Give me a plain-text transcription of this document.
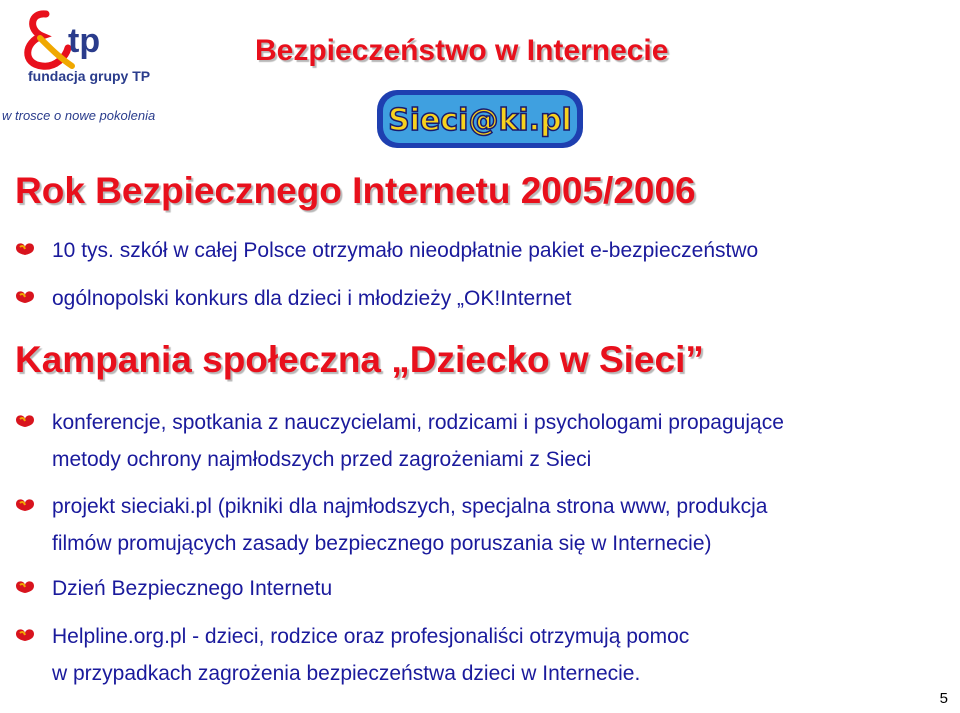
tp
fundacja grupy TP
w trosce o nowe pokolenia
Bezpieczeństwo w Internecie
Sieci@ki.pl
Rok Bezpiecznego Internetu 2005/2006
10 tys. szkół w całej Polsce otrzymało nieodpłatnie pakiet e-bezpieczeństwo
ogólnopolski konkurs dla dzieci i młodzieży „OK!Internet
Kampania społeczna „Dziecko w Sieci”
konferencje, spotkania z nauczycielami, rodzicami i psychologami propagujące
metody ochrony najmłodszych przed zagrożeniami z Sieci
projekt sieciaki.pl (pikniki dla najmłodszych, specjalna strona www, produkcja
filmów promujących zasady bezpiecznego poruszania się w Internecie)
Dzień Bezpiecznego Internetu
Helpline.org.pl - dzieci, rodzice oraz profesjonaliści otrzymują pomoc
w przypadkach zagrożenia bezpieczeństwa dzieci w Internecie.
5
